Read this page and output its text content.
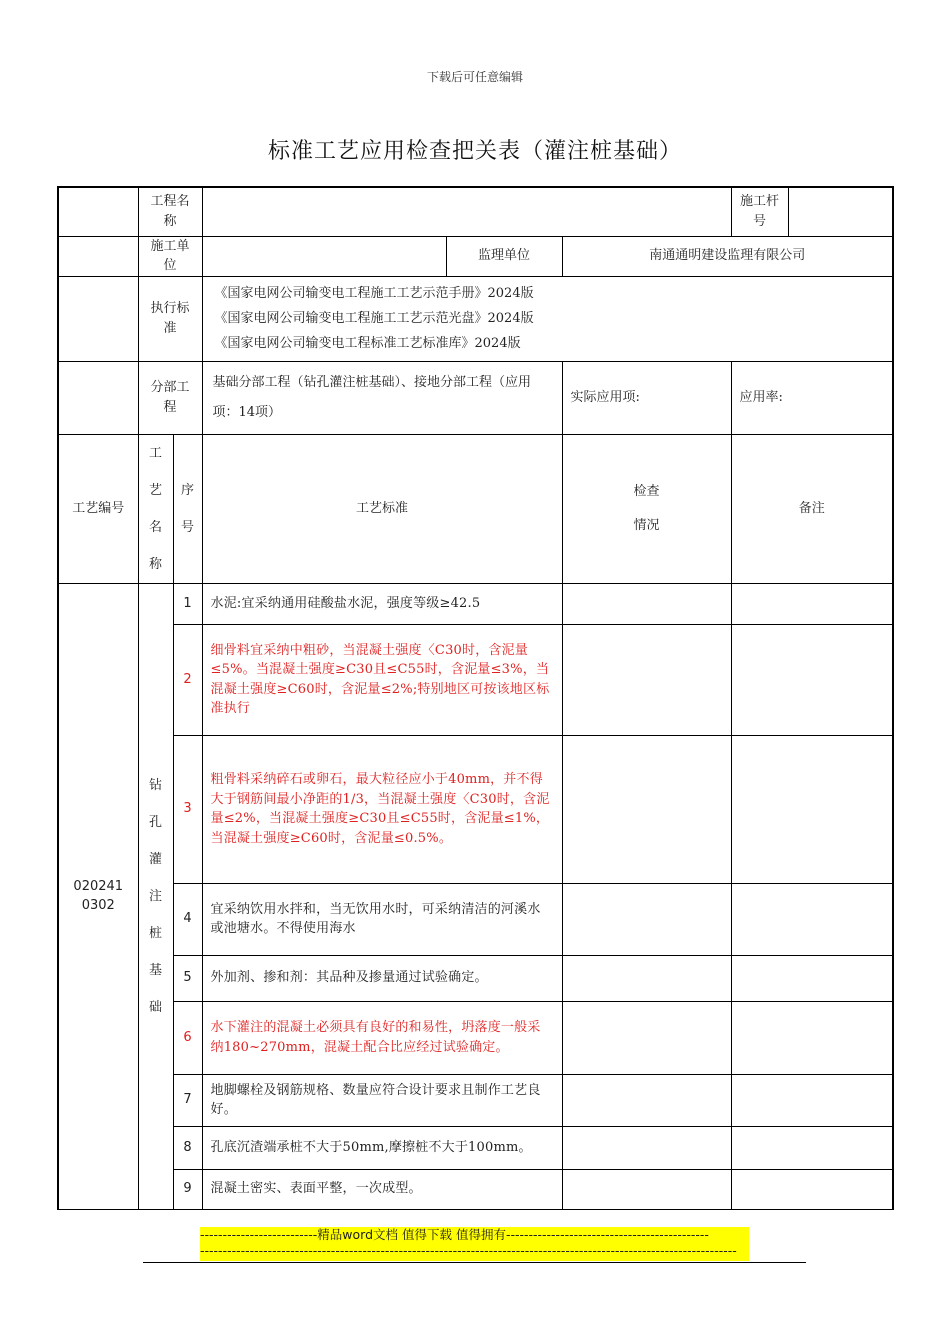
下载后可任意编辑
标准工艺应用检查把关表（灌注桩基础）
	工程名称					施工杆号	
	施工单位			监理单位	南通通明建设监理有限公司		
	执行标准		《国家电网公司输变电工程施工工艺示范手册》2024版
《国家电网公司输变电工程施工工艺示范光盘》2024版
《国家电网公司输变电工程标准工艺标准库》2024版				

	分部工程		基础分部工程（钻孔灌注桩基础）、接地分部工程（应用项：14项）		实际应用项:	应用率:	
工艺编号	工艺名称	序号	工艺标准		检查情况	备注	

0202410302	钻孔灌注桩基础	1	水泥:宜采纳通用硅酸盐水泥，强度等级≥42.5				
		2	细骨料宜采纳中粗砂，当混凝土强度〈C30时，含泥量≤5%。当混凝土强度≥C30且≤C55时，含泥量≤3%，当混凝土强度≥C60时，含泥量≤2%;特别地区可按该地区标准执行				
		3	粗骨料采纳碎石或卵石，最大粒径应小于40mm，并不得大于钢筋间最小净距的1/3，当混凝土强度〈C30时，含泥量≤2%，当混凝土强度≥C30且≤C55时，含泥量≤1%，当混凝土强度≥C60时，含泥量≤0.5%。				
		4	宜采纳饮用水拌和，当无饮用水时，可采纳清洁的河溪水或池塘水。不得使用海水				
		5	外加剂、掺和剂：其品种及掺量通过试验确定。				
		6	水下灌注的混凝土必须具有良好的和易性，坍落度一般采纳180~270mm，混凝土配合比应经过试验确定。				
		7	地脚螺栓及钢筋规格、数量应符合设计要求且制作工艺良好。				
		8	孔底沉渣端承桩不大于50mm,摩擦桩不大于100mm。				
		9	混凝土密实、表面平整，一次成型。				
--------------------------精品word文档 值得下载 值得拥有---------------------------------------------
-----------------------------------------------------------------------------------------------------------------------
